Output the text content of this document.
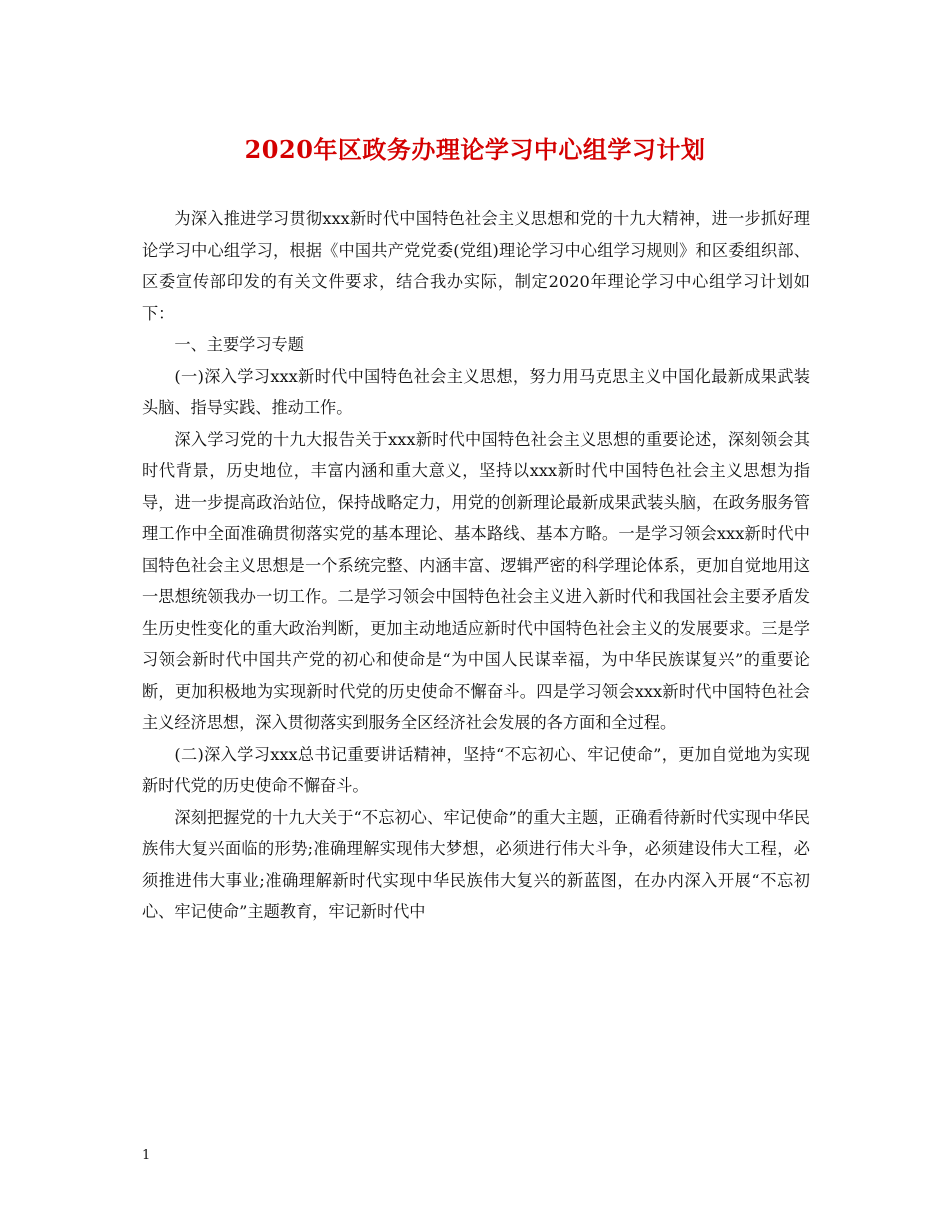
2020年区政务办理论学习中心组学习计划

为深入推进学习贯彻xxx新时代中国特色社会主义思想和党的十九大精神，进一步抓好理论学习中心组学习，根据《中国共产党党委(党组)理论学习中心组学习规则》和区委组织部、区委宣传部印发的有关文件要求，结合我办实际，制定2020年理论学习中心组学习计划如下：

一、主要学习专题

(一)深入学习xxx新时代中国特色社会主义思想，努力用马克思主义中国化最新成果武装头脑、指导实践、推动工作。

深入学习党的十九大报告关于xxx新时代中国特色社会主义思想的重要论述，深刻领会其时代背景，历史地位，丰富内涵和重大意义，坚持以xxx新时代中国特色社会主义思想为指导，进一步提高政治站位，保持战略定力，用党的创新理论最新成果武装头脑，在政务服务管理工作中全面准确贯彻落实党的基本理论、基本路线、基本方略。一是学习领会xxx新时代中国特色社会主义思想是一个系统完整、内涵丰富、逻辑严密的科学理论体系，更加自觉地用这一思想统领我办一切工作。二是学习领会中国特色社会主义进入新时代和我国社会主要矛盾发生历史性变化的重大政治判断，更加主动地适应新时代中国特色社会主义的发展要求。三是学习领会新时代中国共产党的初心和使命是“为中国人民谋幸福，为中华民族谋复兴”的重要论断，更加积极地为实现新时代党的历史使命不懈奋斗。四是学习领会xxx新时代中国特色社会主义经济思想，深入贯彻落实到服务全区经济社会发展的各方面和全过程。

(二)深入学习xxx总书记重要讲话精神，坚持“不忘初心、牢记使命”，更加自觉地为实现新时代党的历史使命不懈奋斗。

深刻把握党的十九大关于“不忘初心、牢记使命”的重大主题，正确看待新时代实现中华民族伟大复兴面临的形势;准确理解实现伟大梦想，必须进行伟大斗争，必须建设伟大工程，必须推进伟大事业;准确理解新时代实现中华民族伟大复兴的新蓝图，在办内深入开展“不忘初心、牢记使命”主题教育，牢记新时代中

1
